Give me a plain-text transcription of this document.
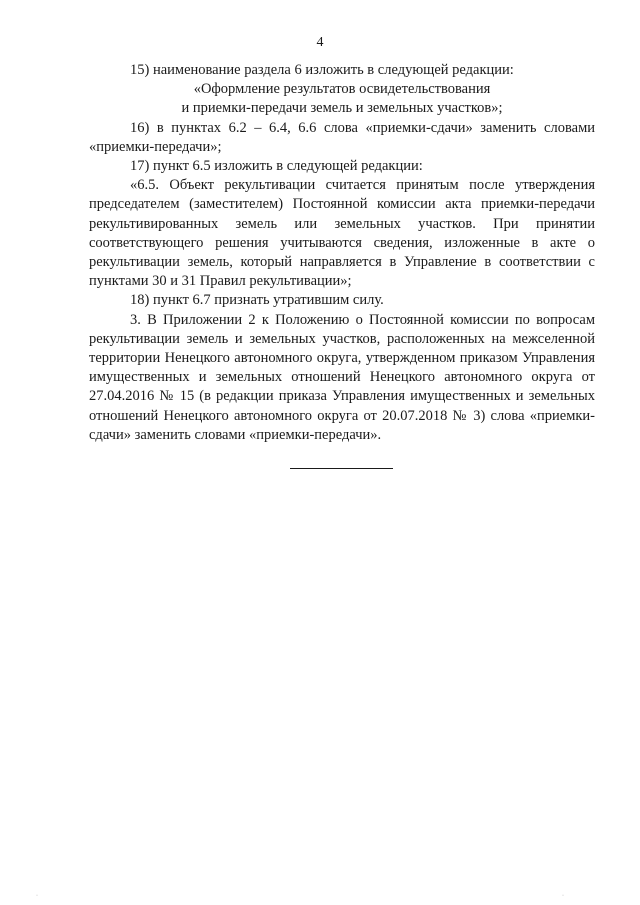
4

15) наименование раздела 6 изложить в следующей редакции:

«Оформление результатов освидетельствования

и приемки-передачи земель и земельных участков»;

16) в пунктах 6.2 – 6.4, 6.6 слова «приемки-сдачи» заменить словами «приемки-передачи»;

17) пункт 6.5 изложить в следующей редакции:

«6.5. Объект рекультивации считается принятым после утверждения председателем (заместителем) Постоянной комиссии акта приемки-передачи рекультивированных земель или земельных участков. При принятии соответствующего решения учитываются сведения, изложенные в акте о рекультивации земель, который направляется в Управление в соответствии с пунктами 30 и 31 Правил рекультивации»;

18) пункт 6.7 признать утратившим силу.

3. В Приложении 2 к Положению о Постоянной комиссии по вопросам рекультивации земель и земельных участков, расположенных на межселенной территории Ненецкого автономного округа, утвержденном приказом Управления имущественных и земельных отношений Ненецкого автономного округа от 27.04.2016 № 15 (в редакции приказа Управления имущественных и земельных отношений Ненецкого автономного округа от 20.07.2018 № 3) слова «приемки-сдачи» заменить словами «приемки-передачи».

·	·
